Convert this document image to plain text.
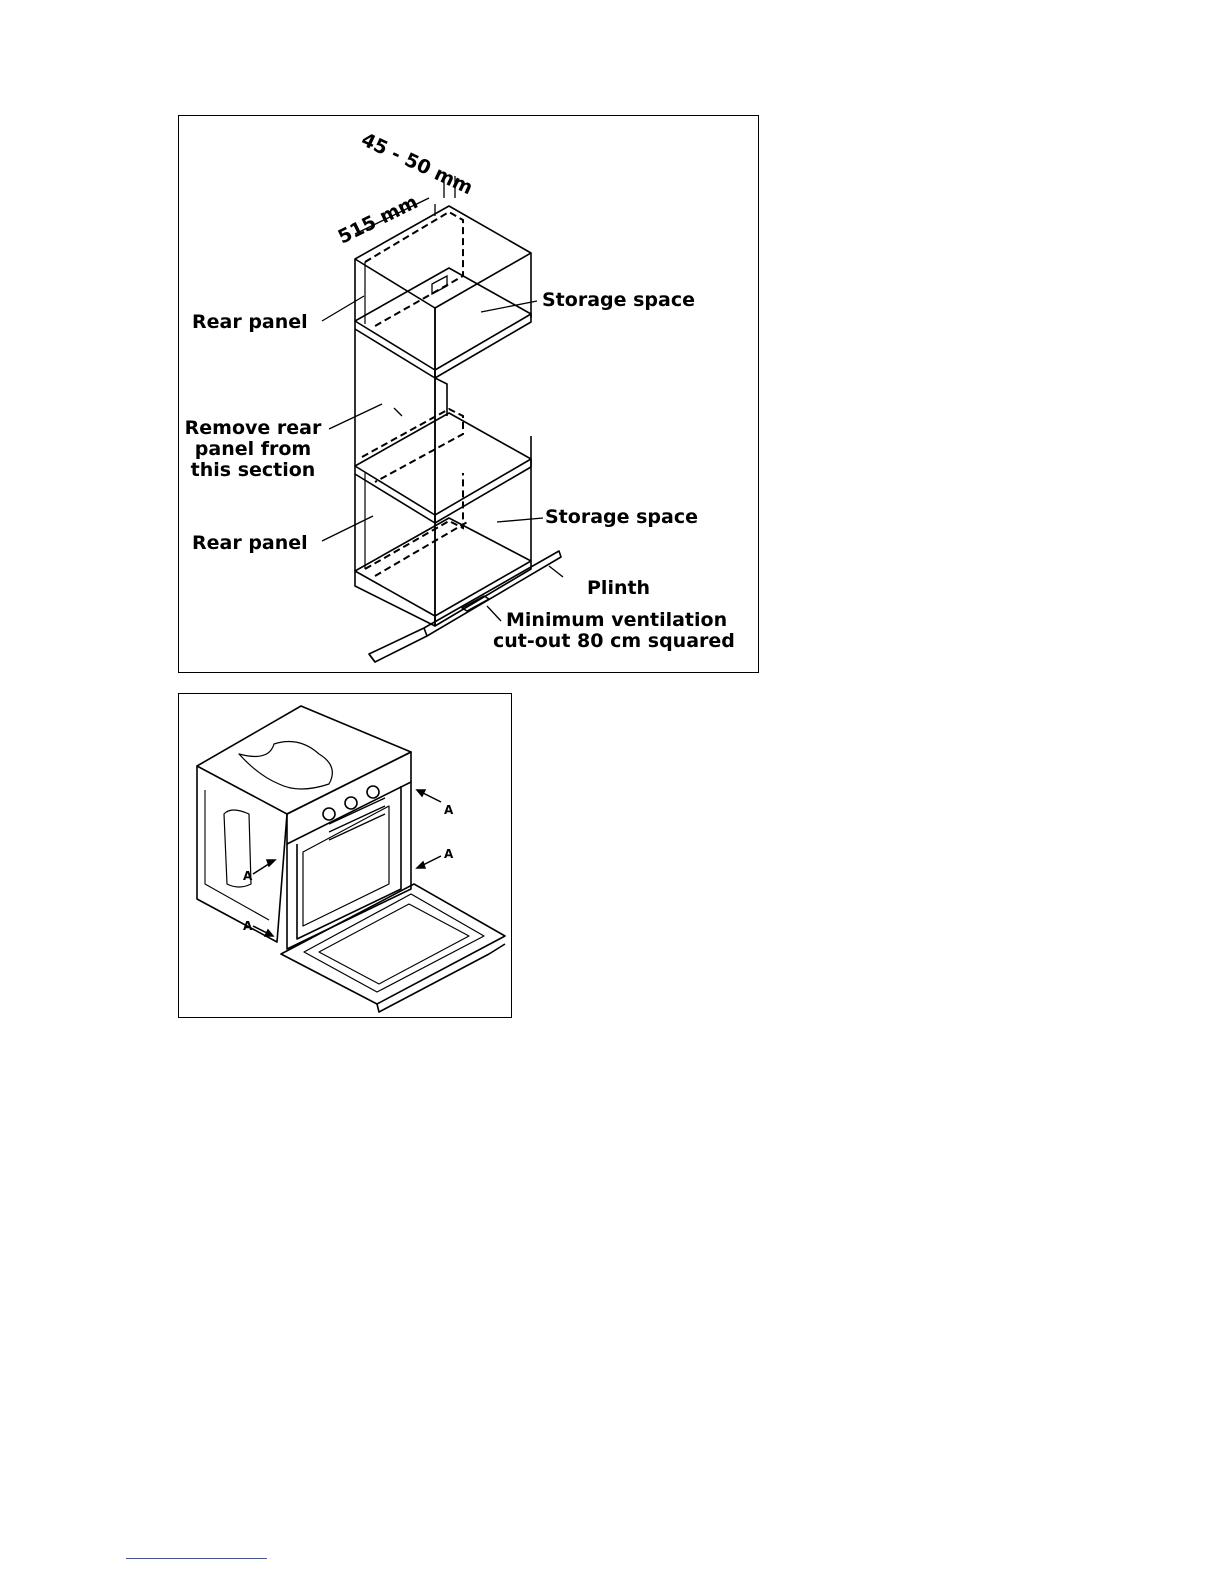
45 - 50 mm
515 mm
Rear panel
Storage space
Remove rear
panel from
this section
Rear panel
Storage space
Plinth
Minimum ventilation
cut-out 80 cm squared
A
A
A
A
